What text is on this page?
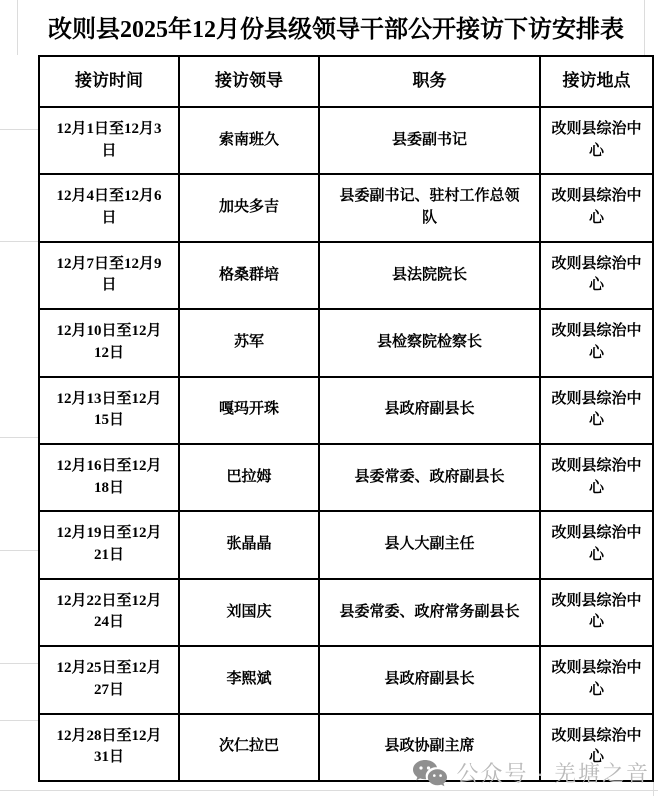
改则县2025年12月份县级领导干部公开接访下访安排表
接访时间	接访领导	职务	接访地点
12月1日至12月3日	索南班久	县委副书记	改则县综治中心
12月4日至12月6日	加央多吉	县委副书记、驻村工作总领队	改则县综治中心
12月7日至12月9日	格桑群培	县法院院长	改则县综治中心
12月10日至12月12日	苏军	县检察院检察长	改则县综治中心
12月13日至12月15日	嘎玛开珠	县政府副县长	改则县综治中心
12月16日至12月18日	巴拉姆	县委常委、政府副县长	改则县综治中心
12月19日至12月21日	张晶晶	县人大副主任	改则县综治中心
12月22日至12月24日	刘国庆	县委常委、政府常务副县长	改则县综治中心
12月25日至12月27日	李熙斌	县政府副县长	改则县综治中心
12月28日至12月31日	次仁拉巴	县政协副主席	改则县综治中心
公众号 · 羌塘之音
